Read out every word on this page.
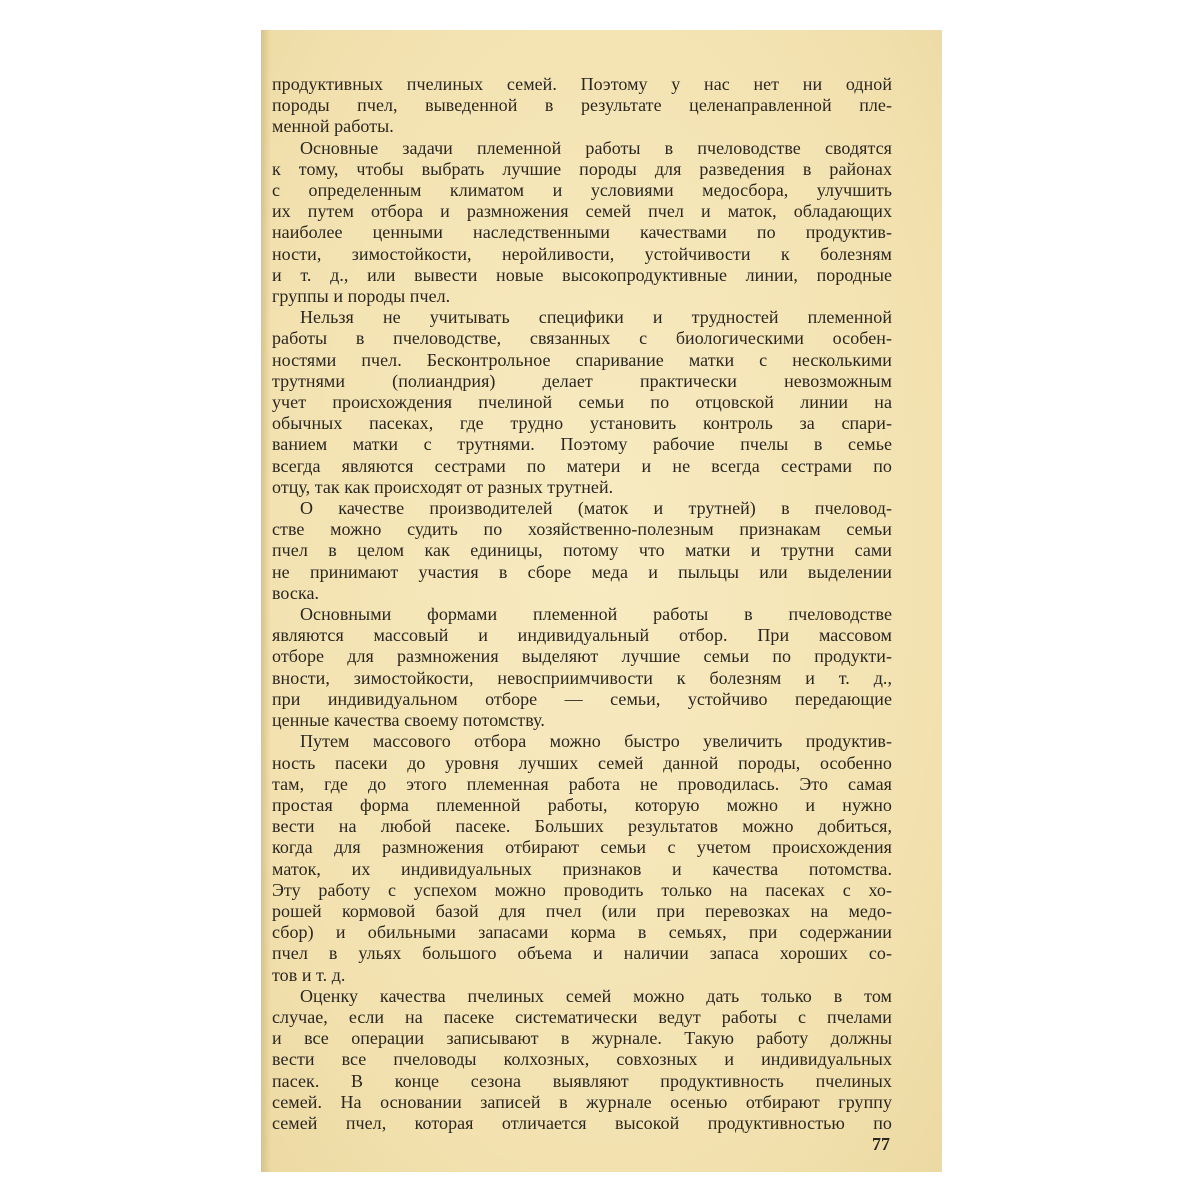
продуктивных пчелиных семей. Поэтому у нас нет ни одной
породы пчел, выведенной в результате целенаправленной пле-
менной работы.
Основные задачи племенной работы в пчеловодстве сводятся
к тому, чтобы выбрать лучшие породы для разведения в районах
с определенным климатом и условиями медосбора, улучшить
их путем отбора и размножения семей пчел и маток, обладающих
наиболее ценными наследственными качествами по продуктив-
ности, зимостойкости, неройливости, устойчивости к болезням
и т. д., или вывести новые высокопродуктивные линии, породные
группы и породы пчел.
Нельзя не учитывать специфики и трудностей племенной
работы в пчеловодстве, связанных с биологическими особен-
ностями пчел. Бесконтрольное спаривание матки с несколькими
трутнями (полиандрия) делает практически невозможным
учет происхождения пчелиной семьи по отцовской линии на
обычных пасеках, где трудно установить контроль за спари-
ванием матки с трутнями. Поэтому рабочие пчелы в семье
всегда являются сестрами по матери и не всегда сестрами по
отцу, так как происходят от разных трутней.
О качестве производителей (маток и трутней) в пчеловод-
стве можно судить по хозяйственно-полезным признакам семьи
пчел в целом как единицы, потому что матки и трутни сами
не принимают участия в сборе меда и пыльцы или выделении
воска.
Основными формами племенной работы в пчеловодстве
являются массовый и индивидуальный отбор. При массовом
отборе для размножения выделяют лучшие семьи по продукти-
вности, зимостойкости, невосприимчивости к болезням и т. д.,
при индивидуальном отборе — семьи, устойчиво передающие
ценные качества своему потомству.
Путем массового отбора можно быстро увеличить продуктив-
ность пасеки до уровня лучших семей данной породы, особенно
там, где до этого племенная работа не проводилась. Это самая
простая форма племенной работы, которую можно и нужно
вести на любой пасеке. Больших результатов можно добиться,
когда для размножения отбирают семьи с учетом происхождения
маток, их индивидуальных признаков и качества потомства.
Эту работу с успехом можно проводить только на пасеках с хо-
рошей кормовой базой для пчел (или при перевозках на медо-
сбор) и обильными запасами корма в семьях, при содержании
пчел в ульях большого объема и наличии запаса хороших со-
тов и т. д.
Оценку качества пчелиных семей можно дать только в том
случае, если на пасеке систематически ведут работы с пчелами
и все операции записывают в журнале. Такую работу должны
вести все пчеловоды колхозных, совхозных и индивидуальных
пасек. В конце сезона выявляют продуктивность пчелиных
семей. На основании записей в журнале осенью отбирают группу
семей пчел, которая отличается высокой продуктивностью по
77
